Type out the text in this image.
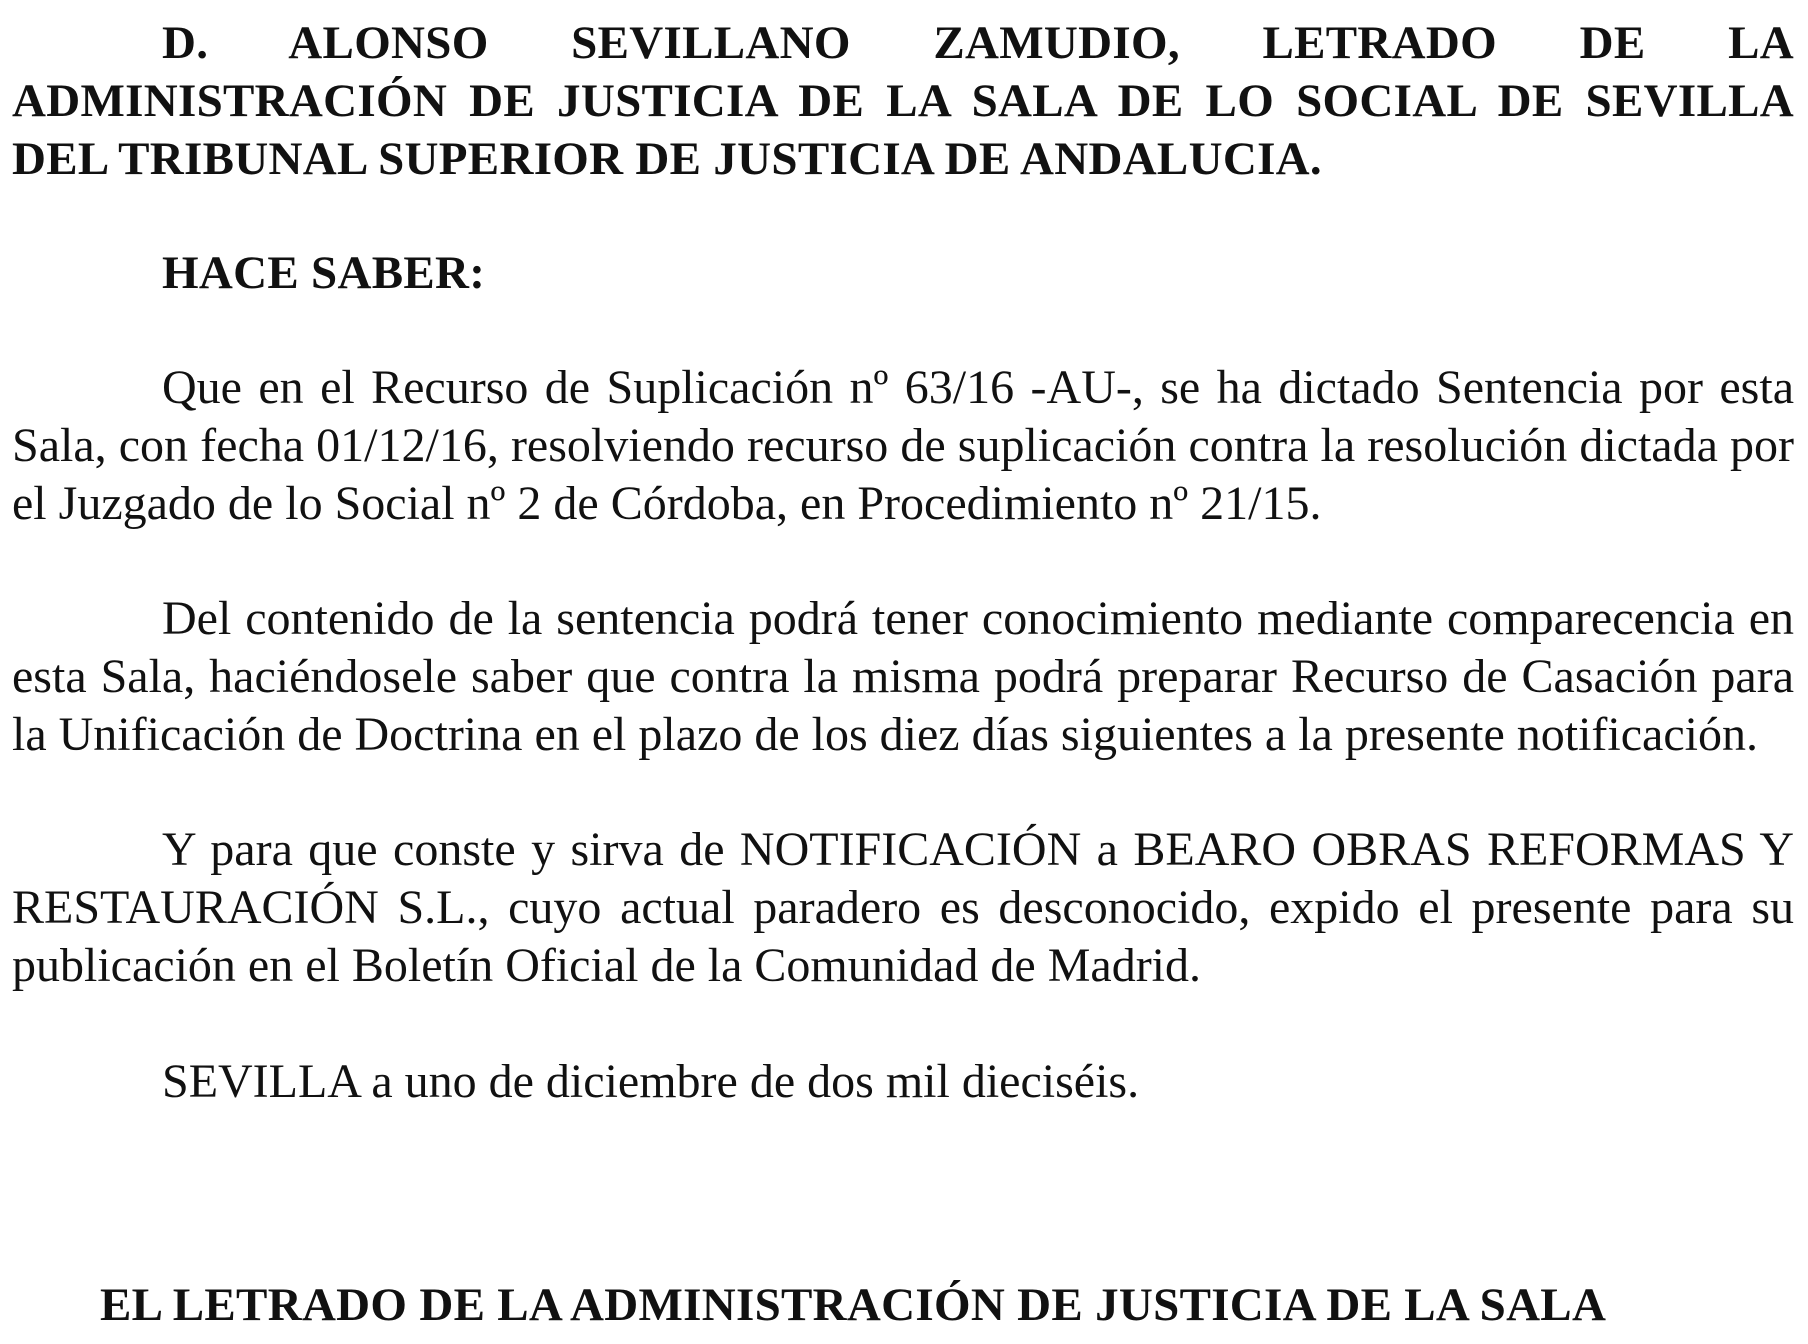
D. ALONSO SEVILLANO ZAMUDIO, LETRADO DE LA ADMINISTRACIÓN DE JUSTICIA DE LA SALA DE LO SOCIAL DE SEVILLA DEL TRIBUNAL SUPERIOR DE JUSTICIA DE ANDALUCIA.

HACE SABER:

Que en el Recurso de Suplicación nº 63/16 -AU-, se ha dictado Sentencia por esta Sala, con fecha 01/12/16, resolviendo recurso de suplicación contra la resolución dictada por el Juzgado de lo Social nº 2 de Córdoba, en Procedimiento nº 21/15.

Del contenido de la sentencia podrá tener conocimiento mediante comparecencia en esta Sala, haciéndosele saber que contra la misma podrá preparar Recurso de Casación para la Unificación de Doctrina en el plazo de los diez días siguientes a la presente notificación.

Y para que conste y sirva de NOTIFICACIÓN a BEARO OBRAS REFORMAS Y RESTAURACIÓN S.L., cuyo actual paradero es desconocido, expido el presente para su publicación en el Boletín Oficial de la Comunidad de Madrid.

SEVILLA a uno de diciembre de dos mil dieciséis.

EL LETRADO DE LA ADMINISTRACIÓN DE JUSTICIA DE LA SALA
